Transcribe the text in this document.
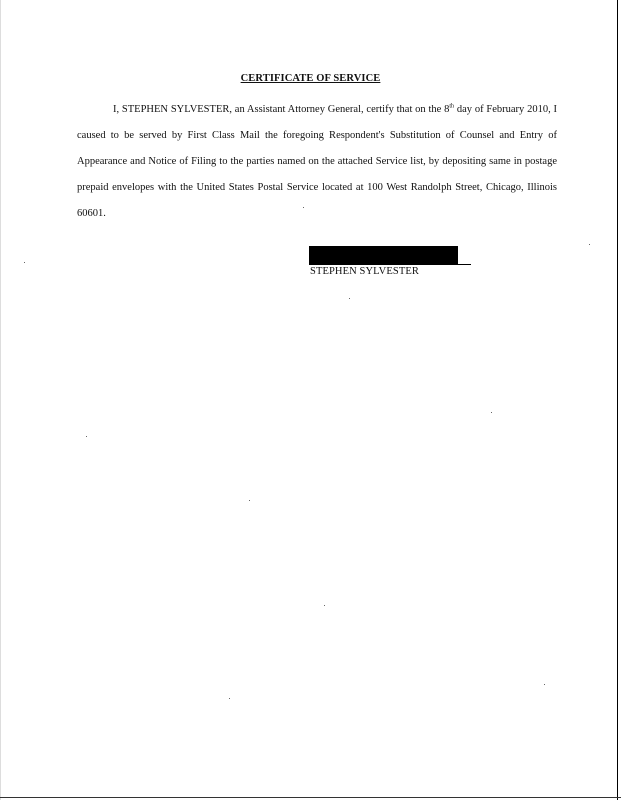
CERTIFICATE OF SERVICE

I, STEPHEN SYLVESTER, an Assistant Attorney General, certify that on the 8th day of February 2010, I caused to be served by First Class Mail the foregoing Respondent's Substitution of Counsel and Entry of Appearance and Notice of Filing to the parties named on the attached Service list, by depositing same in postage prepaid envelopes with the United States Postal Service located at 100 West Randolph Street, Chicago, Illinois 60601.

STEPHEN SYLVESTER
